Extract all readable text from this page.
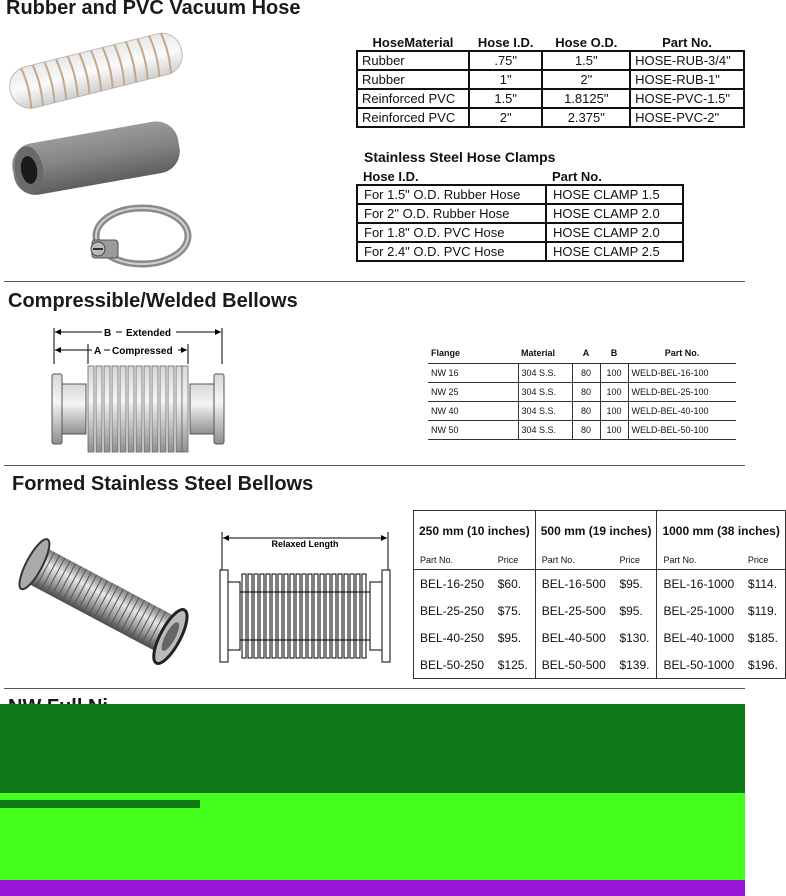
Rubber and PVC Vacuum Hose
HoseMaterial	Hose I.D.	Hose O.D.	Part No.
Rubber	.75"	1.5"	HOSE-RUB-3/4"
Rubber	1"	2"	HOSE-RUB-1"
Reinforced PVC	1.5"	1.8125"	HOSE-PVC-1.5"
Reinforced PVC	2"	2.375"	HOSE-PVC-2"
Stainless Steel Hose Clamps
Hose I.D.	Part No.
For 1.5" O.D. Rubber Hose	HOSE CLAMP 1.5
For 2" O.D. Rubber Hose	HOSE CLAMP 2.0
For 1.8" O.D. PVC Hose	HOSE CLAMP 2.0
For 2.4" O.D. PVC Hose	HOSE CLAMP 2.5
Compressible/Welded Bellows
B Extended
A Compressed	Flange	Material	A	B	Part No.
NW 16	304 S.S.	80	100	WELD-BEL-16-100
NW 25	304 S.S.	80	100	WELD-BEL-25-100
NW 40	304 S.S.	80	100	WELD-BEL-40-100
NW 50	304 S.S.	80	100	WELD-BEL-50-100
Formed Stainless Steel Bellows
Relaxed Length
250 mm (10 inches)		500 mm (19 inches)		1000 mm (38 inches)	
Part No.	Price	Part No.	Price	Part No.	Price
BEL-16-250	$60.	BEL-16-500	$95.	BEL-16-1000	$114.
BEL-25-250	$75.	BEL-25-500	$95.	BEL-25-1000	$119.
BEL-40-250	$95.	BEL-40-500	$130.	BEL-40-1000	$185.
BEL-50-250	$125.	BEL-50-500	$139.	BEL-50-1000	$196.
